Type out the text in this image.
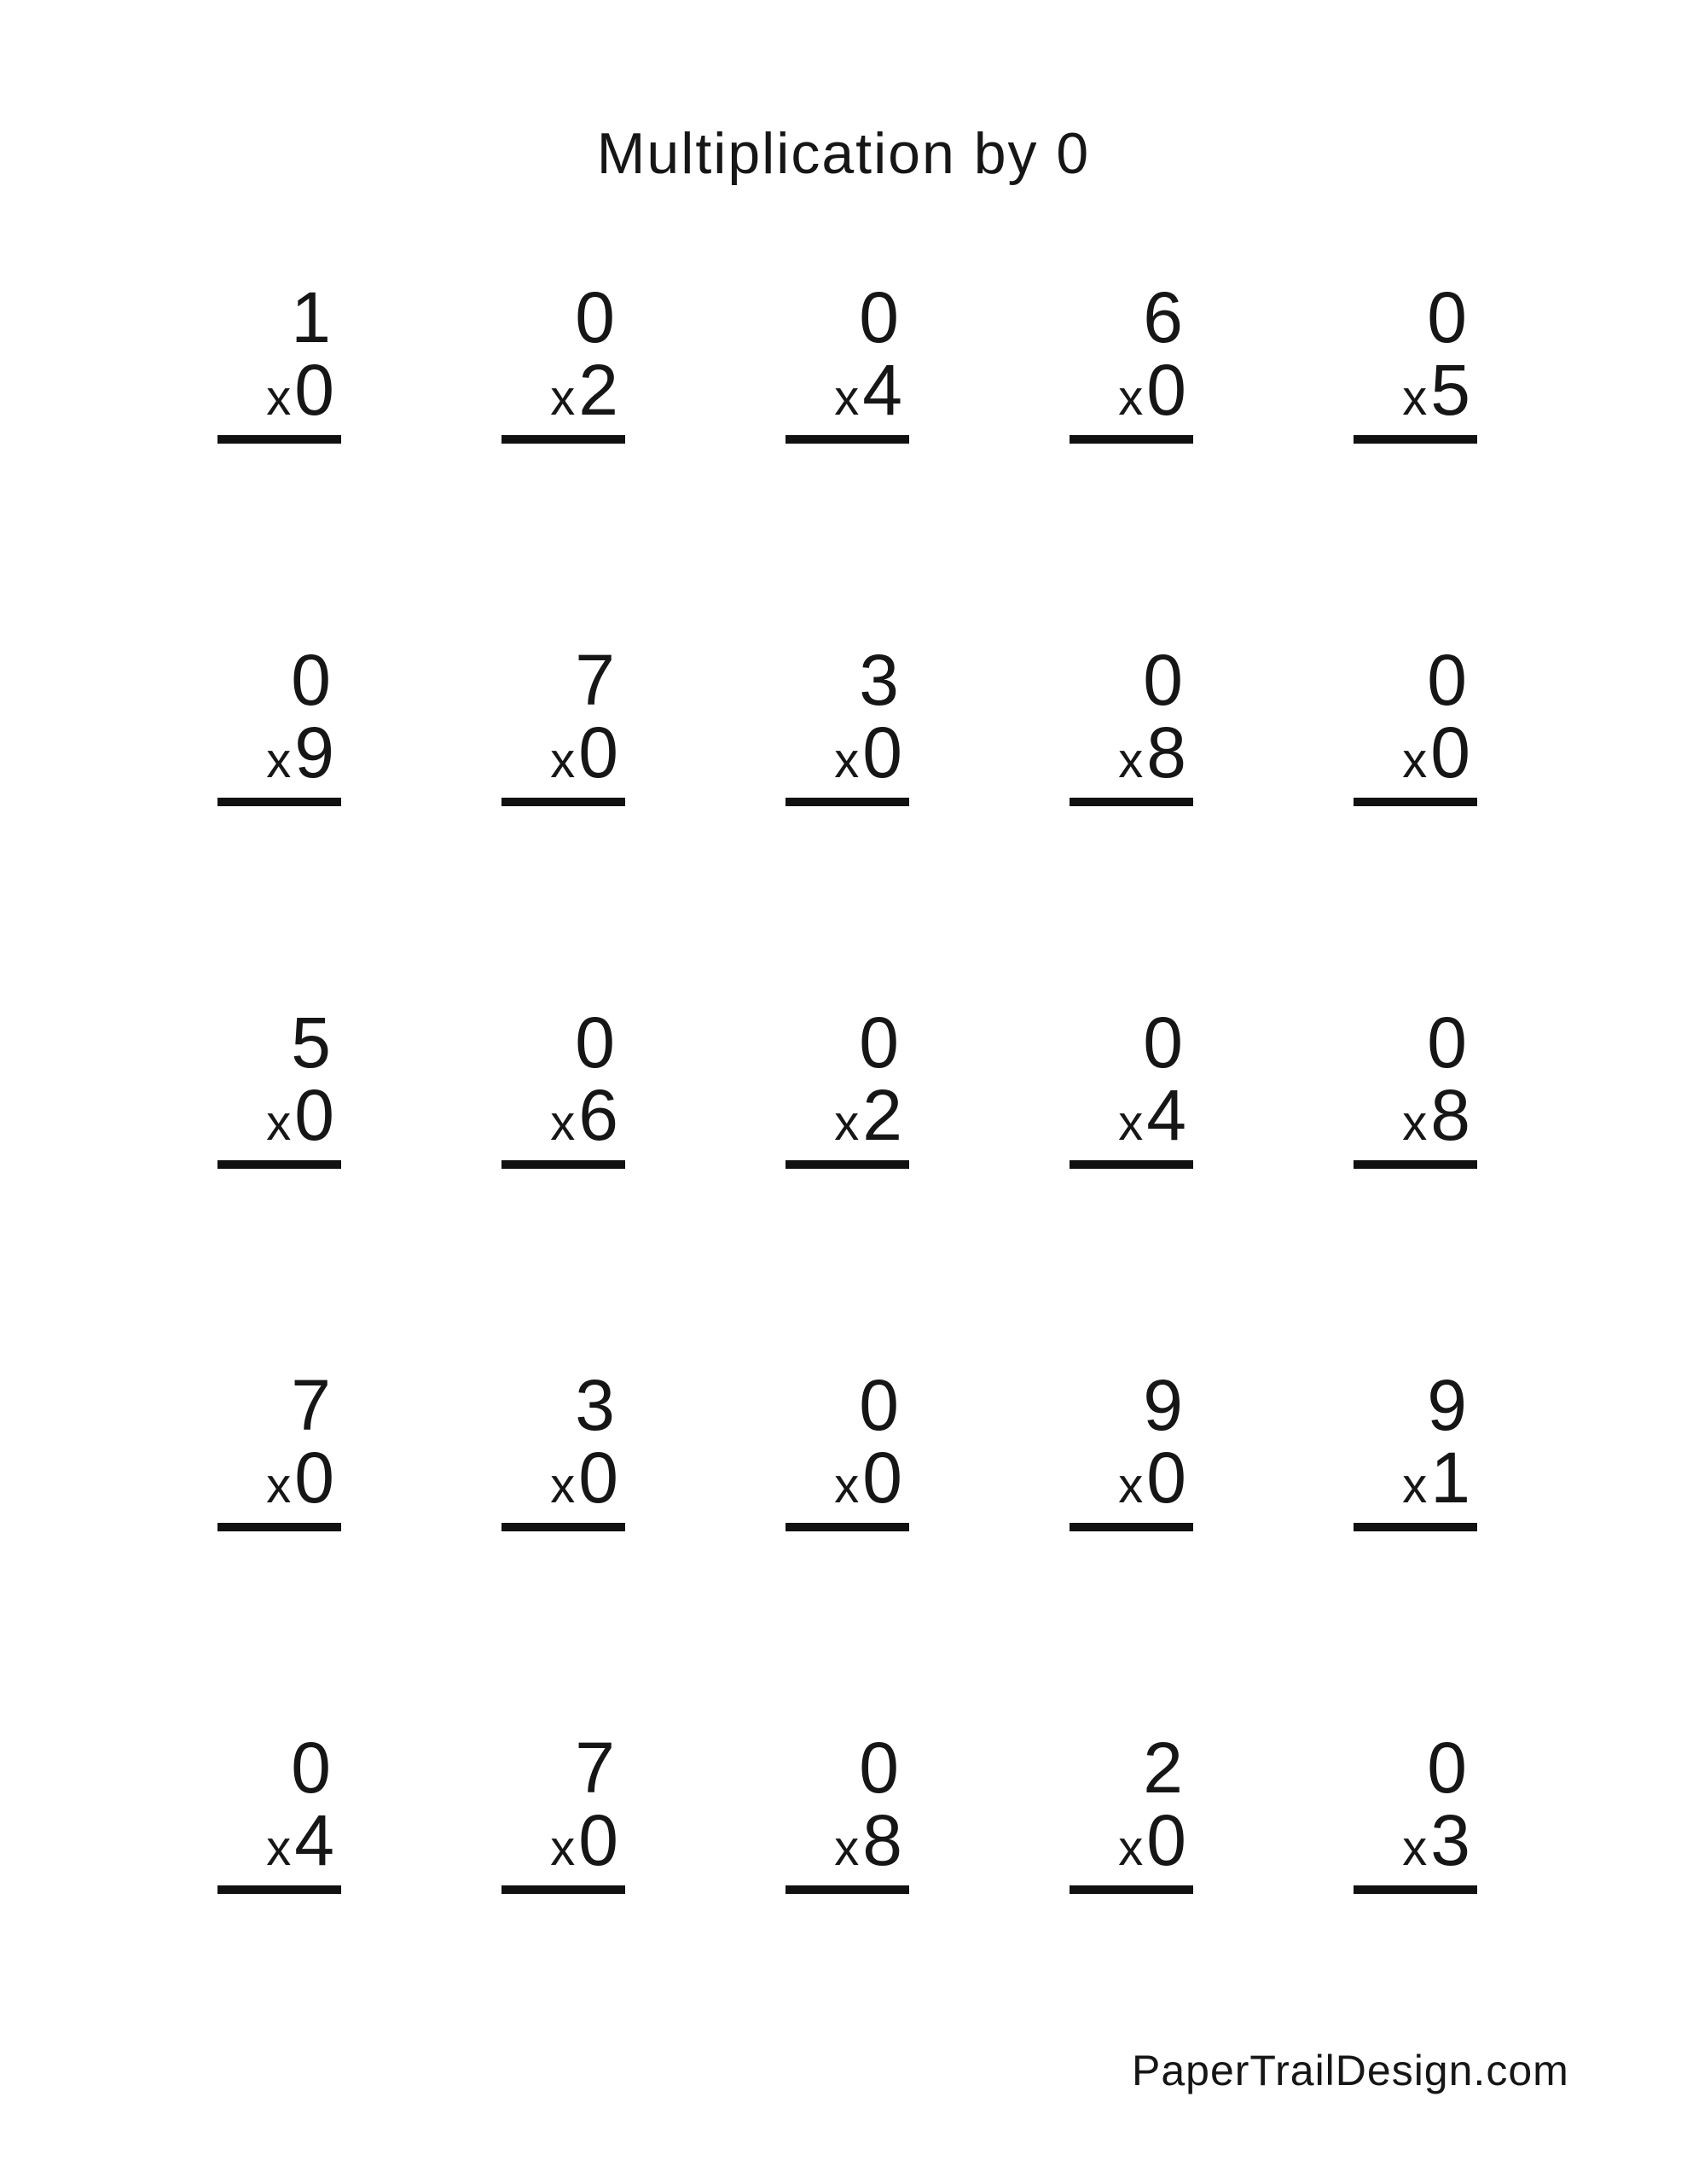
Multiplication by 0
1
x0
0
x2
0
x4
6
x0
0
x5
0
x9
7
x0
3
x0
0
x8
0
x0
5
x0
0
x6
0
x2
0
x4
0
x8
7
x0
3
x0
0
x0
9
x0
9
x1
0
x4
7
x0
0
x8
2
x0
0
x3
PaperTrailDesign.com
